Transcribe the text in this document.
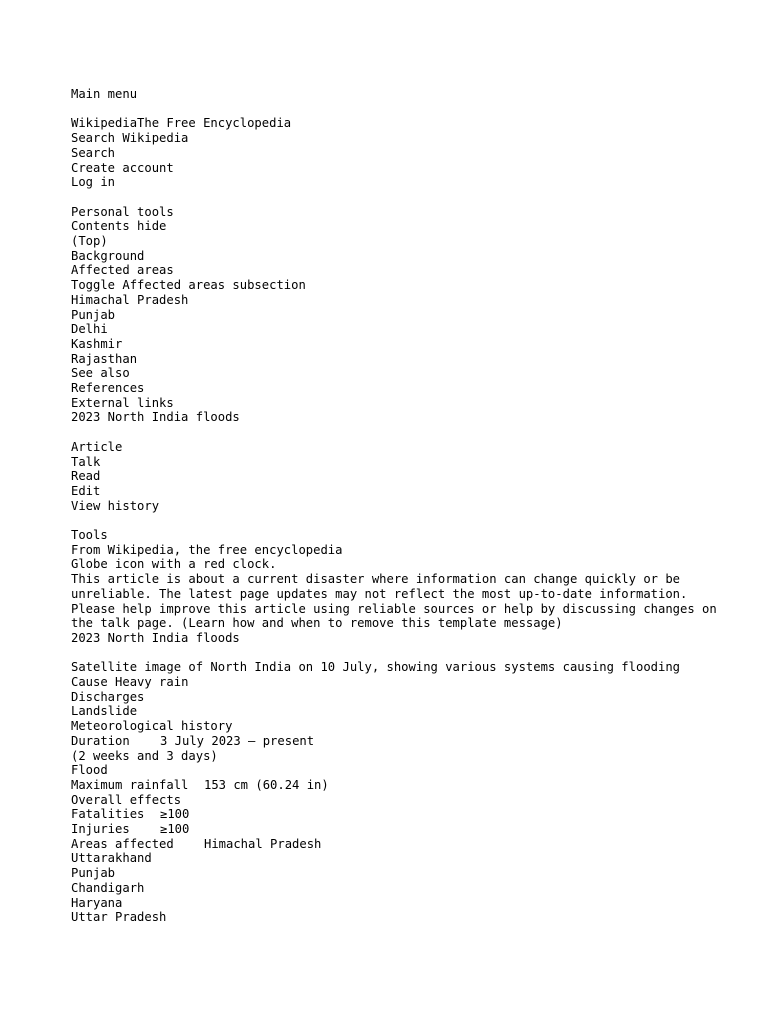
Main menu
WikipediaThe Free Encyclopedia
Search Wikipedia
Search
Create account
Log in
Personal tools
Contents hide
(Top)
Background
Affected areas
Toggle Affected areas subsection
Himachal Pradesh
Punjab
Delhi
Kashmir
Rajasthan
See also
References
External links
2023 North India floods
Article
Talk
Read
Edit
View history
Tools
From Wikipedia, the free encyclopedia
Globe icon with a red clock.
This article is about a current disaster where information can change quickly or be unreliable. The latest page updates may not reflect the most up-to-date information. Please help improve this article using reliable sources or help by discussing changes on the talk page. (Learn how and when to remove this template message)
2023 North India floods
Satellite image of North India on 10 July, showing various systems causing flooding
Cause Heavy rain
Discharges
Landslide
Meteorological history
Duration 3 July 2023 – present
(2 weeks and 3 days)
Flood
Maximum rainfall 153 cm (60.24 in)
Overall effects
Fatalities ≥100
Injuries ≥100
Areas affected Himachal Pradesh
Uttarakhand
Punjab
Chandigarh
Haryana
Uttar Pradesh
